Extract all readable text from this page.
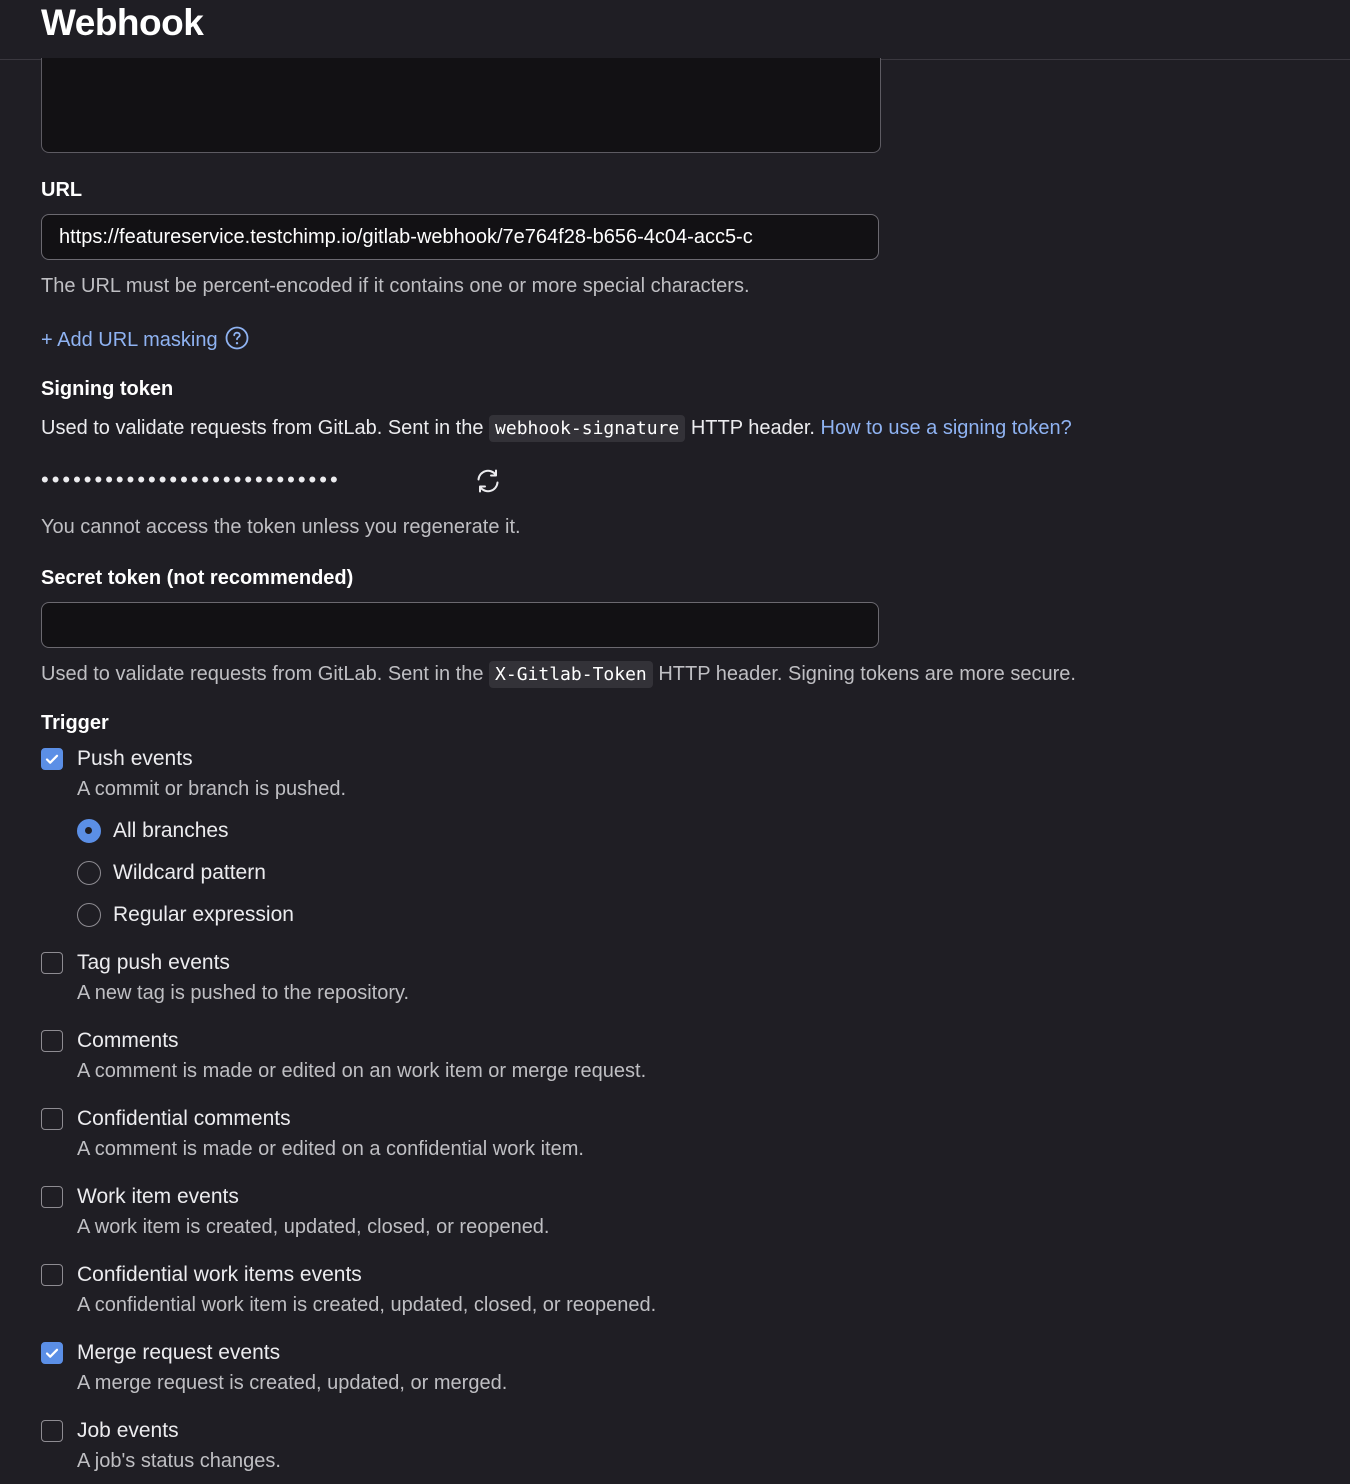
Webhook
URL
https://featureservice.testchimp.io/gitlab-webhook/7e764f28-b656-4c04-acc5-c
The URL must be percent-encoded if it contains one or more special characters.
+ Add URL masking
Signing token
Used to validate requests from GitLab. Sent in the webhook-signature HTTP header. How to use a signing token?
••••••••••••••••••••••••••••
You cannot access the token unless you regenerate it.
Secret token (not recommended)
Used to validate requests from GitLab. Sent in the X-Gitlab-Token HTTP header. Signing tokens are more secure.
Trigger
Push events
A commit or branch is pushed.
All branches
Wildcard pattern
Regular expression
Tag push events
A new tag is pushed to the repository.
Comments
A comment is made or edited on an work item or merge request.
Confidential comments
A comment is made or edited on a confidential work item.
Work item events
A work item is created, updated, closed, or reopened.
Confidential work items events
A confidential work item is created, updated, closed, or reopened.
Merge request events
A merge request is created, updated, or merged.
Job events
A job's status changes.
